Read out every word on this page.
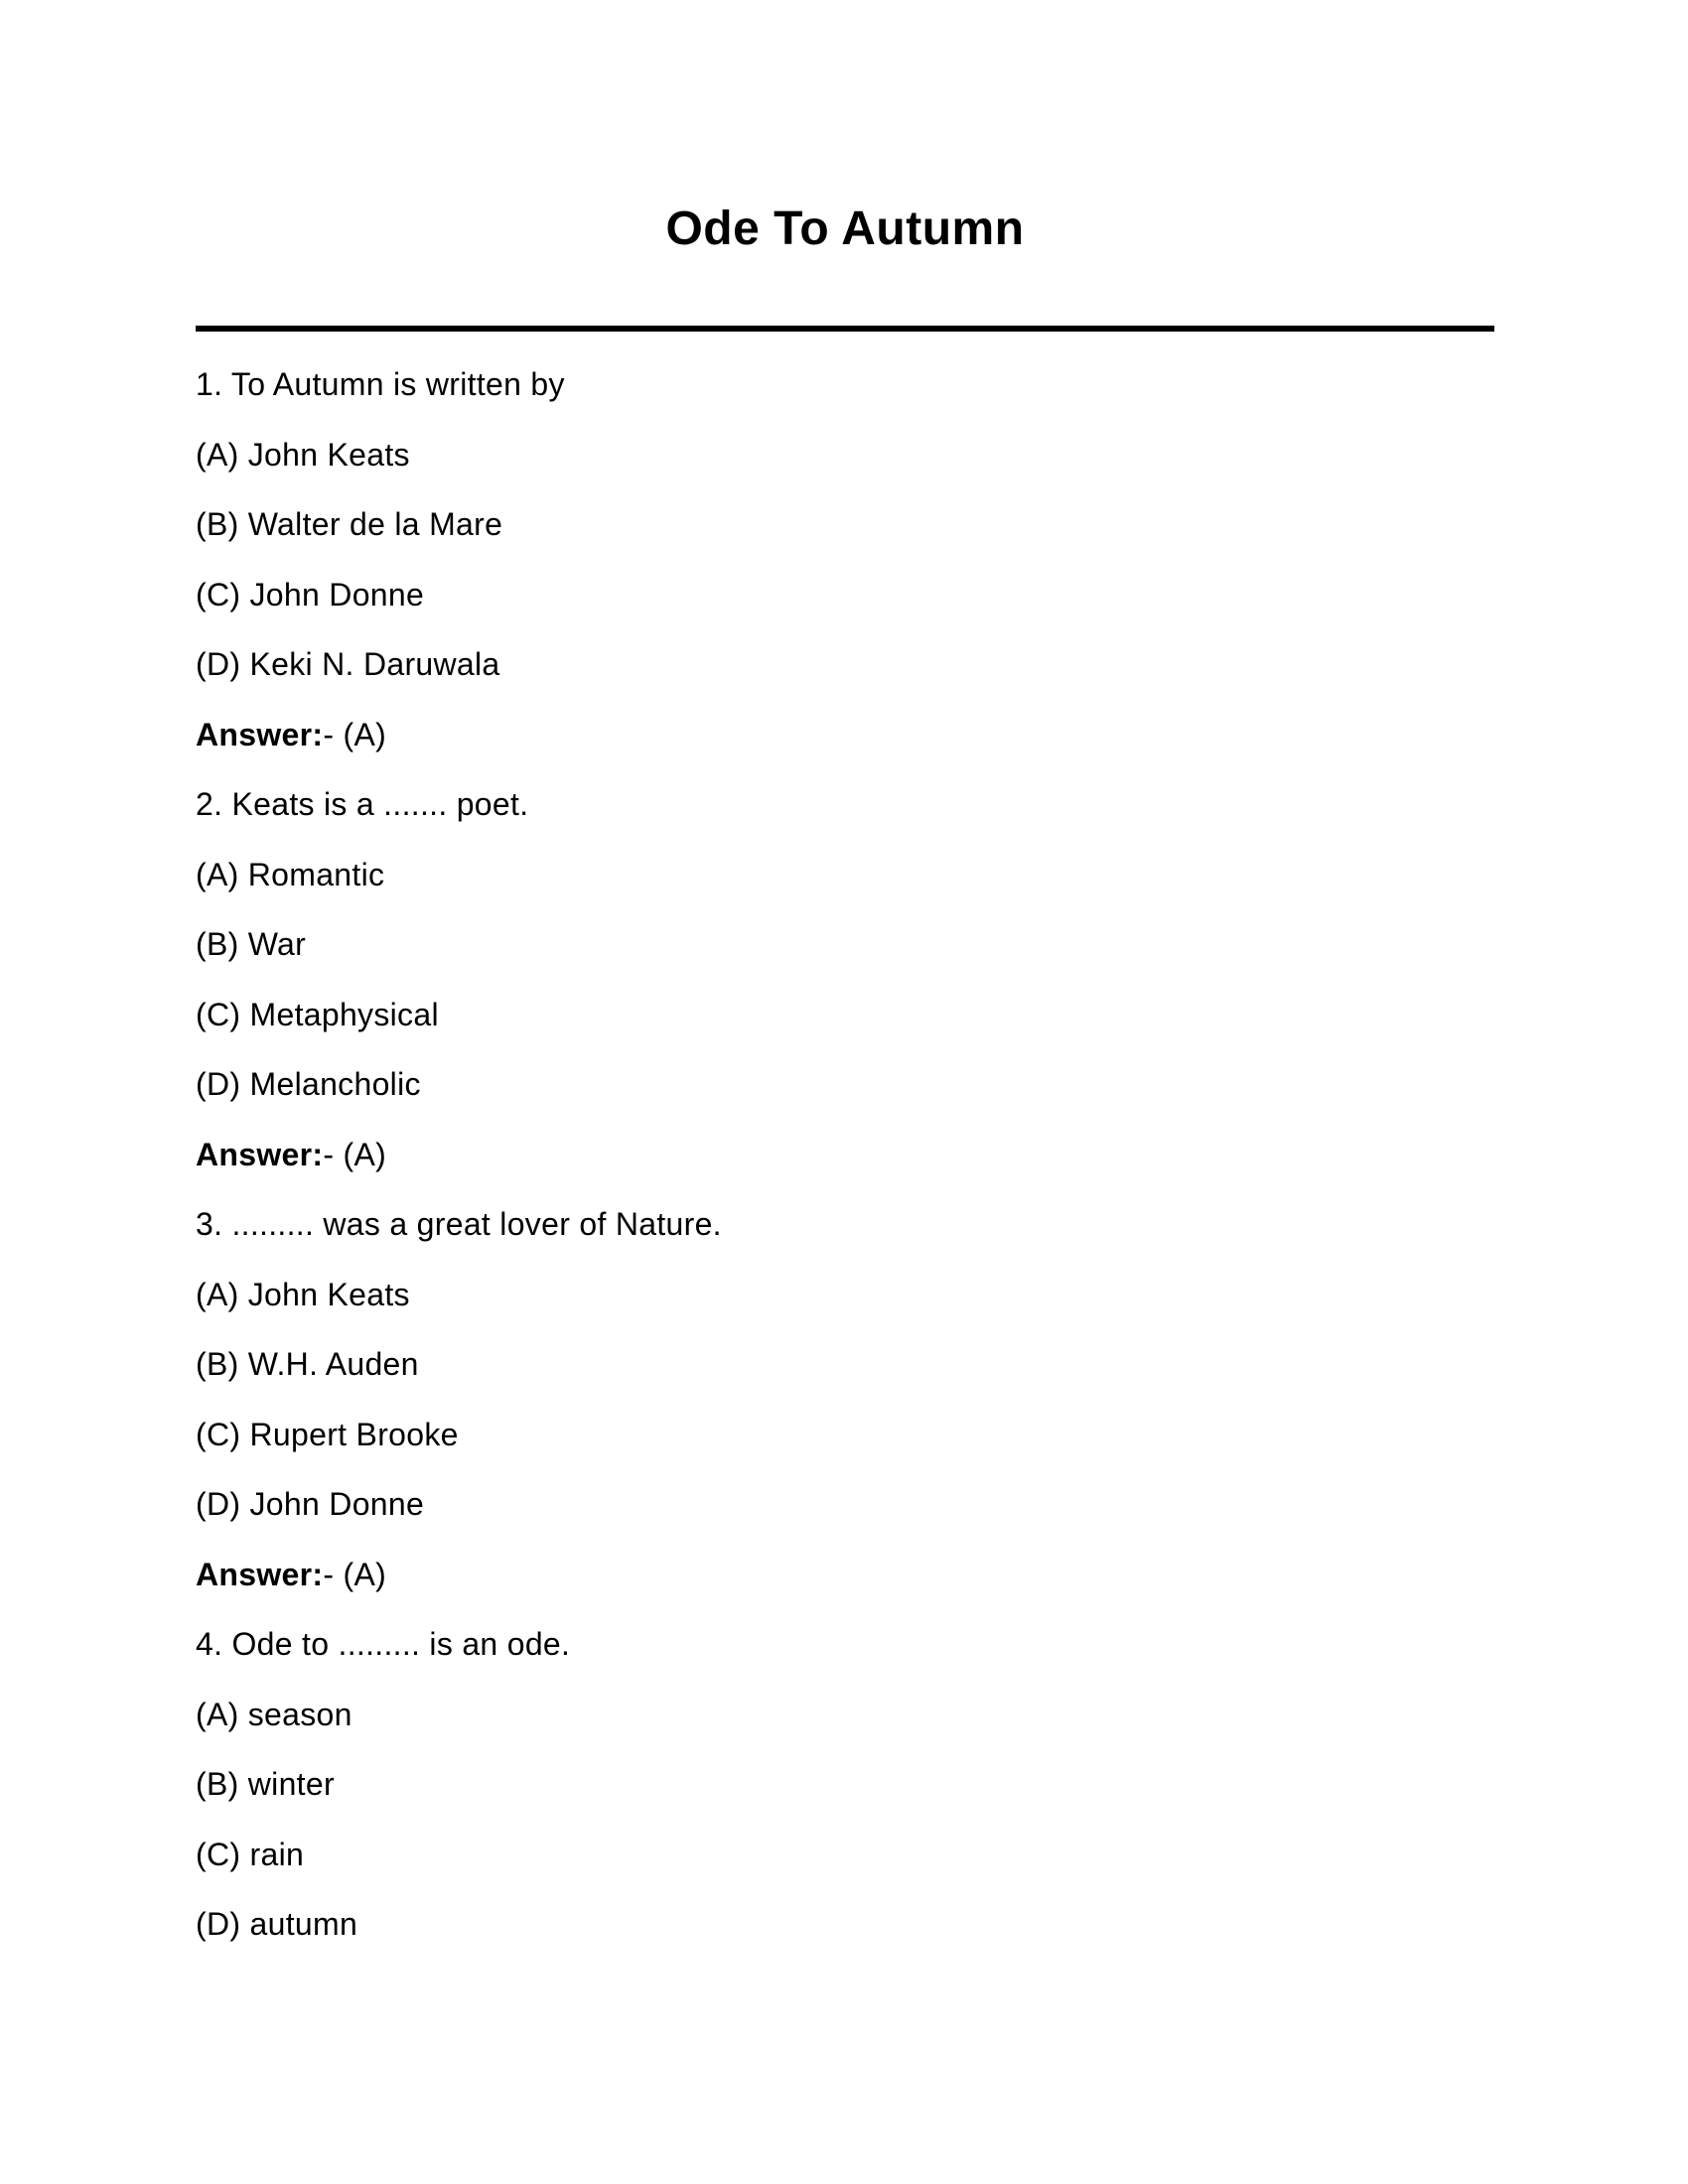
Ode To Autumn

1. To Autumn is written by

(A) John Keats

(B) Walter de la Mare

(C) John Donne

(D) Keki N. Daruwala

Answer:- (A)

2. Keats is a ....... poet.

(A) Romantic

(B) War

(C) Metaphysical

(D) Melancholic

Answer:- (A)

3. ......... was a great lover of Nature.

(A) John Keats

(B) W.H. Auden

(C) Rupert Brooke

(D) John Donne

Answer:- (A)

4. Ode to ......... is an ode.

(A) season

(B) winter

(C) rain

(D) autumn
